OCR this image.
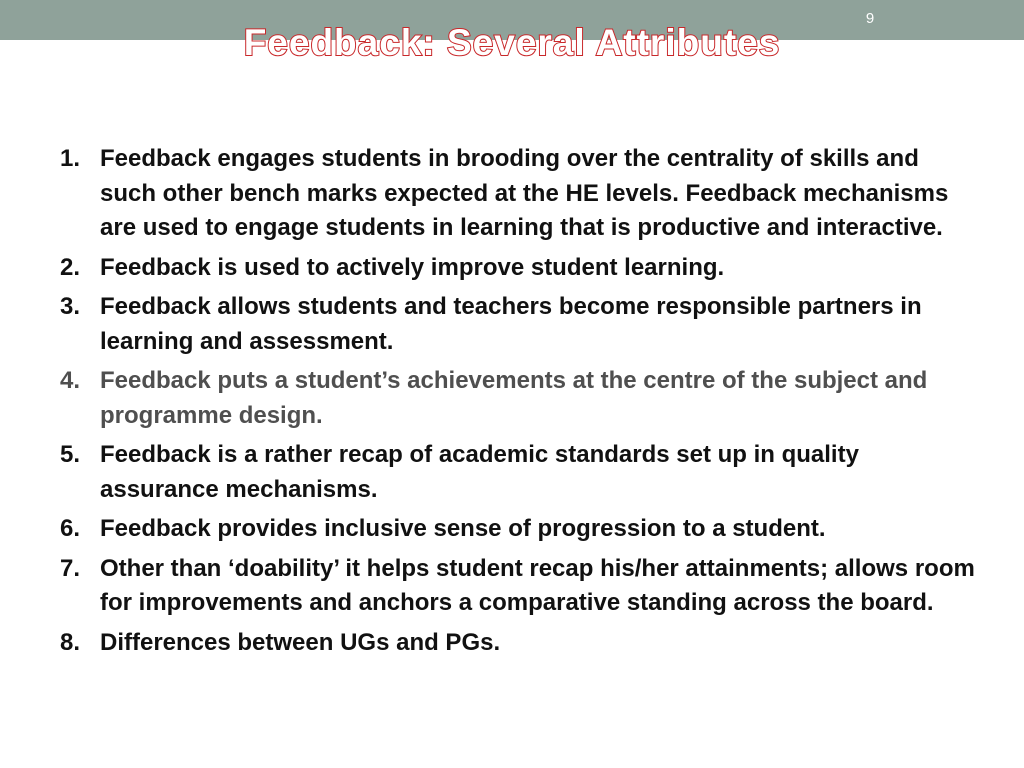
9
Feedback: Several Attributes
1. Feedback engages students in brooding over the centrality of skills and such other bench marks expected at the HE levels. Feedback mechanisms are used to engage students in learning that is productive and interactive.
2. Feedback is used to actively improve student learning.
3. Feedback allows students and teachers become responsible partners in learning and assessment.
4. Feedback puts a student’s achievements at the centre of the subject and programme design.
5. Feedback is a rather recap of academic standards set up in quality assurance mechanisms.
6. Feedback provides inclusive sense of progression to a student.
7. Other than ‘doability’ it helps student recap his/her attainments; allows room for improvements and anchors a comparative standing across the board.
8. Differences between UGs and PGs.
